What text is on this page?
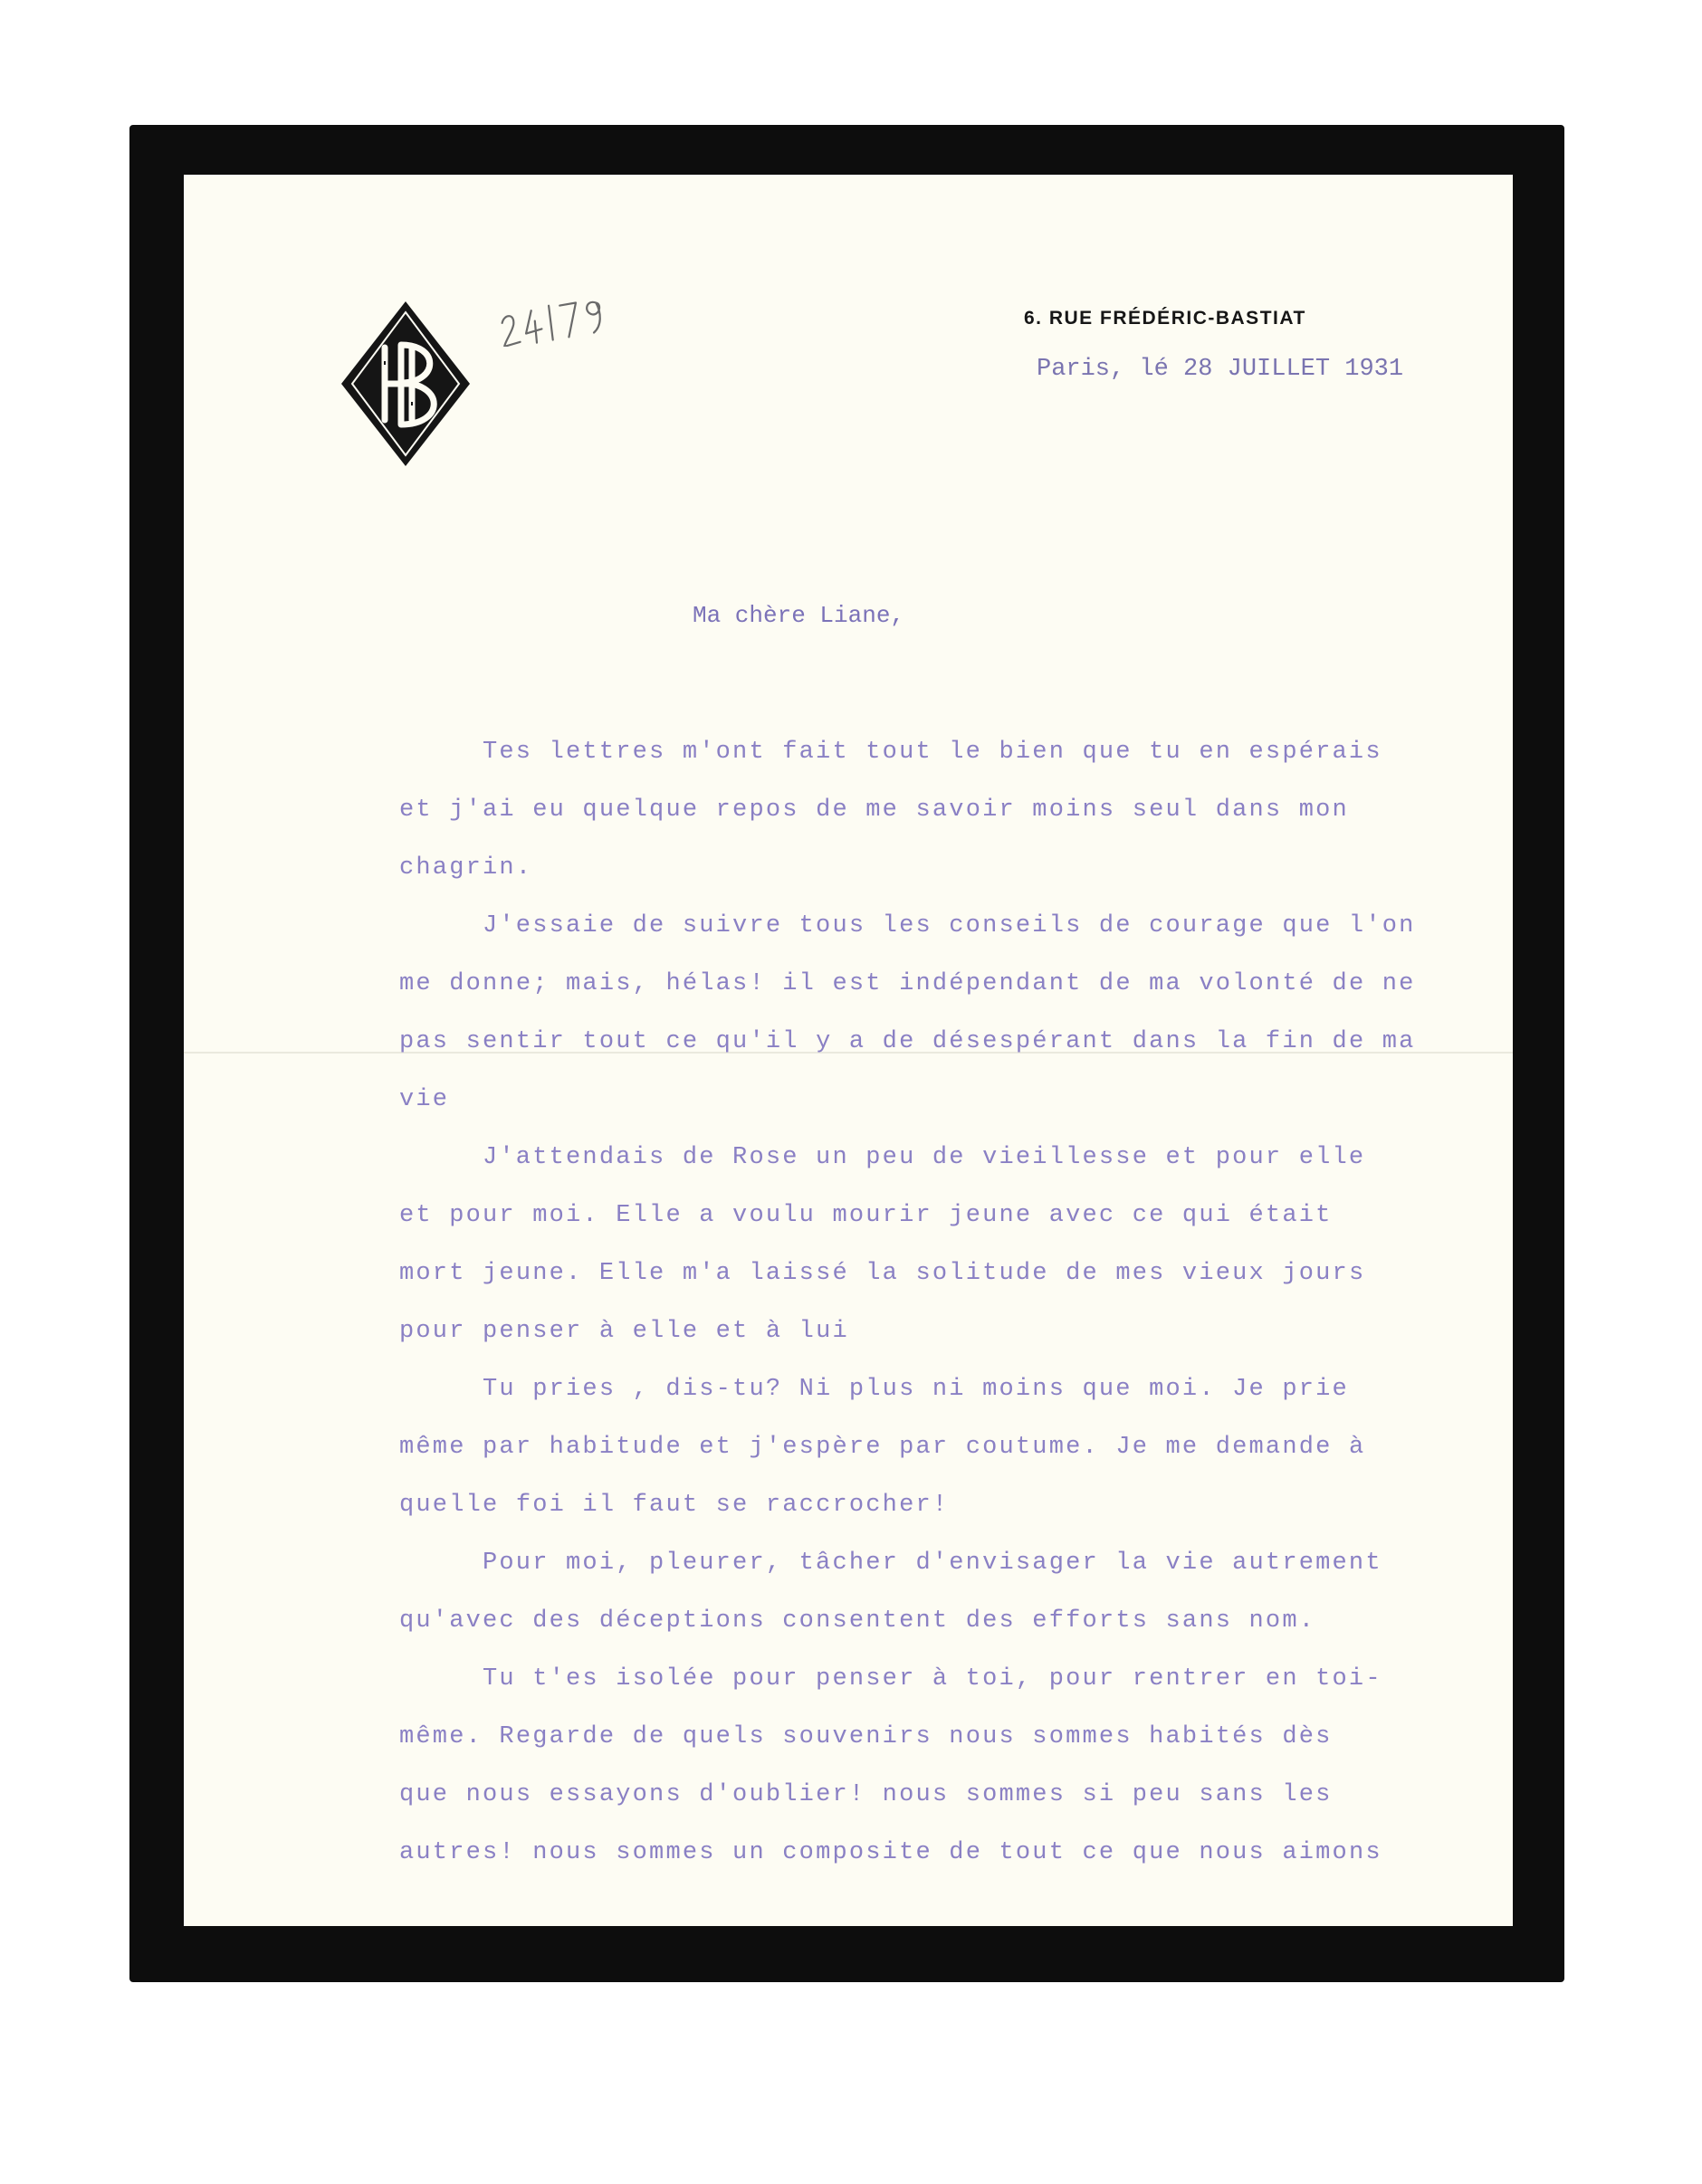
6. RUE FRÉDÉRIC-BASTIAT
Paris, lé 28 JUILLET 1931
Ma chère Liane,
Tes lettres m'ont fait tout le bien que tu en espérais
et j'ai eu quelque repos de me savoir moins seul dans mon
chagrin.
J'essaie de suivre tous les conseils de courage que l'on
me donne; mais, hélas! il est indépendant de ma volonté de ne
pas sentir tout ce qu'il y a de désespérant dans la fin de ma
vie
J'attendais de Rose un peu de vieillesse et pour elle
et pour moi. Elle a voulu mourir jeune avec ce qui était
mort jeune. Elle m'a laissé la solitude de mes vieux jours
pour penser à elle et à lui
Tu pries , dis-tu? Ni plus ni moins que moi. Je prie
même par habitude et j'espère par coutume. Je me demande à
quelle foi il faut se raccrocher!
Pour moi, pleurer, tâcher d'envisager la vie autrement
qu'avec des déceptions consentent des efforts sans nom.
Tu t'es isolée pour penser à toi, pour rentrer en toi-
même. Regarde de quels souvenirs nous sommes habités dès
que nous essayons d'oublier! nous sommes si peu sans les
autres! nous sommes un composite de tout ce que nous aimons
